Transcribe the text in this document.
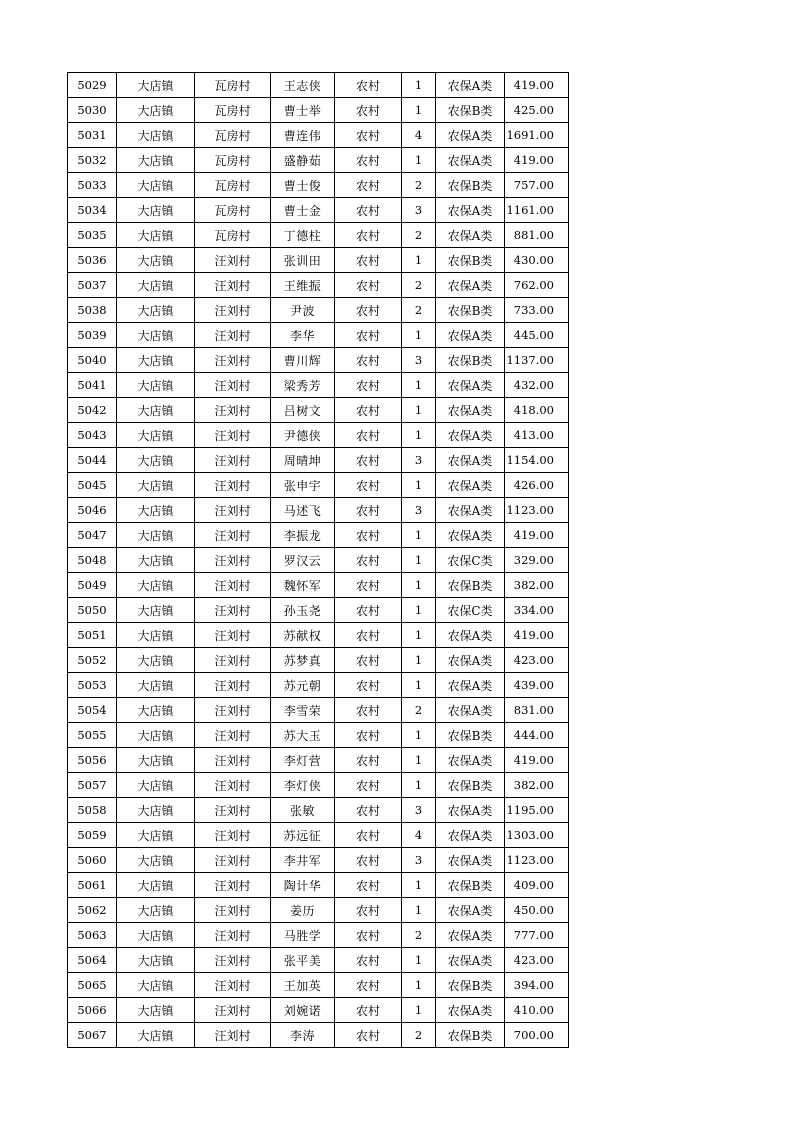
5029	大店镇	瓦房村	王志侠	农村	1	农保A类	419.00
5030	大店镇	瓦房村	曹士举	农村	1	农保B类	425.00
5031	大店镇	瓦房村	曹连伟	农村	4	农保A类	1691.00
5032	大店镇	瓦房村	盛静茹	农村	1	农保A类	419.00
5033	大店镇	瓦房村	曹士俊	农村	2	农保B类	757.00
5034	大店镇	瓦房村	曹士金	农村	3	农保A类	1161.00
5035	大店镇	瓦房村	丁德柱	农村	2	农保A类	881.00
5036	大店镇	汪刘村	张训田	农村	1	农保B类	430.00
5037	大店镇	汪刘村	王维振	农村	2	农保A类	762.00
5038	大店镇	汪刘村	尹波	农村	2	农保B类	733.00
5039	大店镇	汪刘村	李华	农村	1	农保A类	445.00
5040	大店镇	汪刘村	曹川辉	农村	3	农保B类	1137.00
5041	大店镇	汪刘村	梁秀芳	农村	1	农保A类	432.00
5042	大店镇	汪刘村	吕树文	农村	1	农保A类	418.00
5043	大店镇	汪刘村	尹德侠	农村	1	农保A类	413.00
5044	大店镇	汪刘村	周晴坤	农村	3	农保A类	1154.00
5045	大店镇	汪刘村	张申宇	农村	1	农保A类	426.00
5046	大店镇	汪刘村	马述飞	农村	3	农保A类	1123.00
5047	大店镇	汪刘村	李振龙	农村	1	农保A类	419.00
5048	大店镇	汪刘村	罗汉云	农村	1	农保C类	329.00
5049	大店镇	汪刘村	魏怀军	农村	1	农保B类	382.00
5050	大店镇	汪刘村	孙玉尧	农村	1	农保C类	334.00
5051	大店镇	汪刘村	苏献权	农村	1	农保A类	419.00
5052	大店镇	汪刘村	苏梦真	农村	1	农保A类	423.00
5053	大店镇	汪刘村	苏元朝	农村	1	农保A类	439.00
5054	大店镇	汪刘村	李雪荣	农村	2	农保A类	831.00
5055	大店镇	汪刘村	苏大玉	农村	1	农保B类	444.00
5056	大店镇	汪刘村	李灯营	农村	1	农保A类	419.00
5057	大店镇	汪刘村	李灯侠	农村	1	农保B类	382.00
5058	大店镇	汪刘村	张敏	农村	3	农保A类	1195.00
5059	大店镇	汪刘村	苏远征	农村	4	农保A类	1303.00
5060	大店镇	汪刘村	李井军	农村	3	农保A类	1123.00
5061	大店镇	汪刘村	陶计华	农村	1	农保B类	409.00
5062	大店镇	汪刘村	姜历	农村	1	农保A类	450.00
5063	大店镇	汪刘村	马胜学	农村	2	农保A类	777.00
5064	大店镇	汪刘村	张平美	农村	1	农保A类	423.00
5065	大店镇	汪刘村	王加英	农村	1	农保B类	394.00
5066	大店镇	汪刘村	刘婉诺	农村	1	农保A类	410.00
5067	大店镇	汪刘村	李涛	农村	2	农保B类	700.00
